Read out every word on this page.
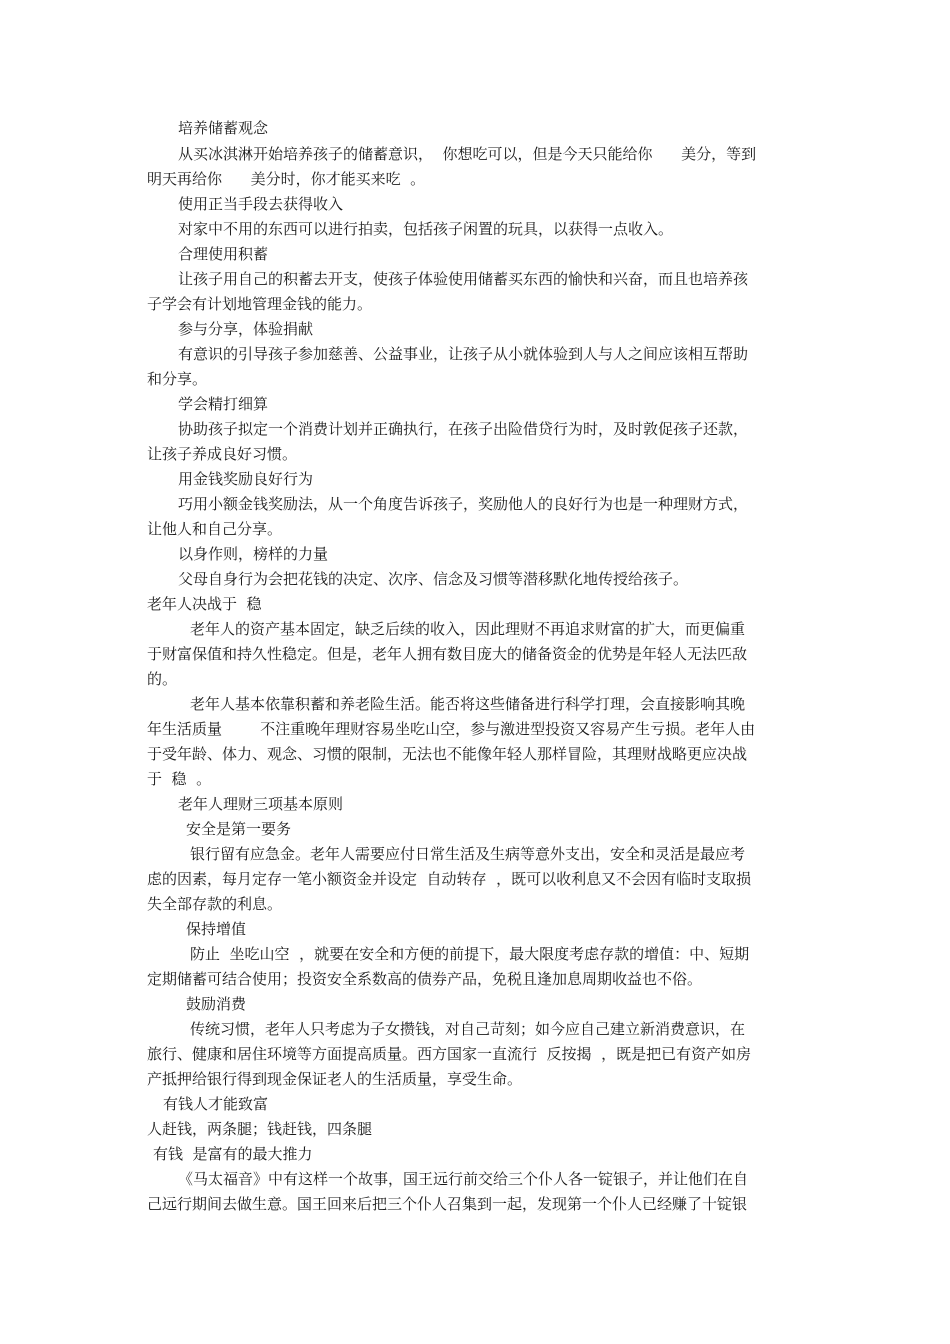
培养储蓄观念

从买冰淇淋开始培养孩子的储蓄意识，  你想吃可以，但是今天只能给你      美分，等到

明天再给你      美分时，你才能买来吃  。

使用正当手段去获得收入

对家中不用的东西可以进行拍卖，包括孩子闲置的玩具，以获得一点收入。

合理使用积蓄

让孩子用自己的积蓄去开支，使孩子体验使用储蓄买东西的愉快和兴奋，而且也培养孩

子学会有计划地管理金钱的能力。

参与分享，体验捐献

有意识的引导孩子参加慈善、公益事业，让孩子从小就体验到人与人之间应该相互帮助

和分享。

学会精打细算

协助孩子拟定一个消费计划并正确执行，在孩子出险借贷行为时，及时敦促孩子还款，

让孩子养成良好习惯。

用金钱奖励良好行为

巧用小额金钱奖励法，从一个角度告诉孩子，奖励他人的良好行为也是一种理财方式，

让他人和自己分享。

以身作则，榜样的力量

父母自身行为会把花钱的决定、次序、信念及习惯等潜移默化地传授给孩子。

老年人决战于  稳

老年人的资产基本固定，缺乏后续的收入，因此理财不再追求财富的扩大，而更偏重

于财富保值和持久性稳定。但是，老年人拥有数目庞大的储备资金的优势是年轻人无法匹敌

的。

老年人基本依靠积蓄和养老险生活。能否将这些储备进行科学打理，会直接影响其晚

年生活质量        不注重晚年理财容易坐吃山空，参与激进型投资又容易产生亏损。老年人由

于受年龄、体力、观念、习惯的限制，无法也不能像年轻人那样冒险，其理财战略更应决战

于  稳  。

老年人理财三项基本原则

安全是第一要务

银行留有应急金。老年人需要应付日常生活及生病等意外支出，安全和灵活是最应考

虑的因素，每月定存一笔小额资金并设定  自动转存  ，既可以收利息又不会因有临时支取损

失全部存款的利息。

保持增值

防止  坐吃山空  ，就要在安全和方便的前提下，最大限度考虑存款的增值：中、短期

定期储蓄可结合使用；投资安全系数高的债券产品，免税且逢加息周期收益也不俗。

鼓励消费

传统习惯，老年人只考虑为子女攒钱，对自己苛刻；如今应自己建立新消费意识，在

旅行、健康和居住环境等方面提高质量。西方国家一直流行  反按揭  ，既是把已有资产如房

产抵押给银行得到现金保证老人的生活质量，享受生命。

有钱人才能致富

人赶钱，两条腿；钱赶钱，四条腿

有钱  是富有的最大推力

《马太福音》中有这样一个故事，国王远行前交给三个仆人各一锭银子，并让他们在自

己远行期间去做生意。国王回来后把三个仆人召集到一起，发现第一个仆人已经赚了十锭银
